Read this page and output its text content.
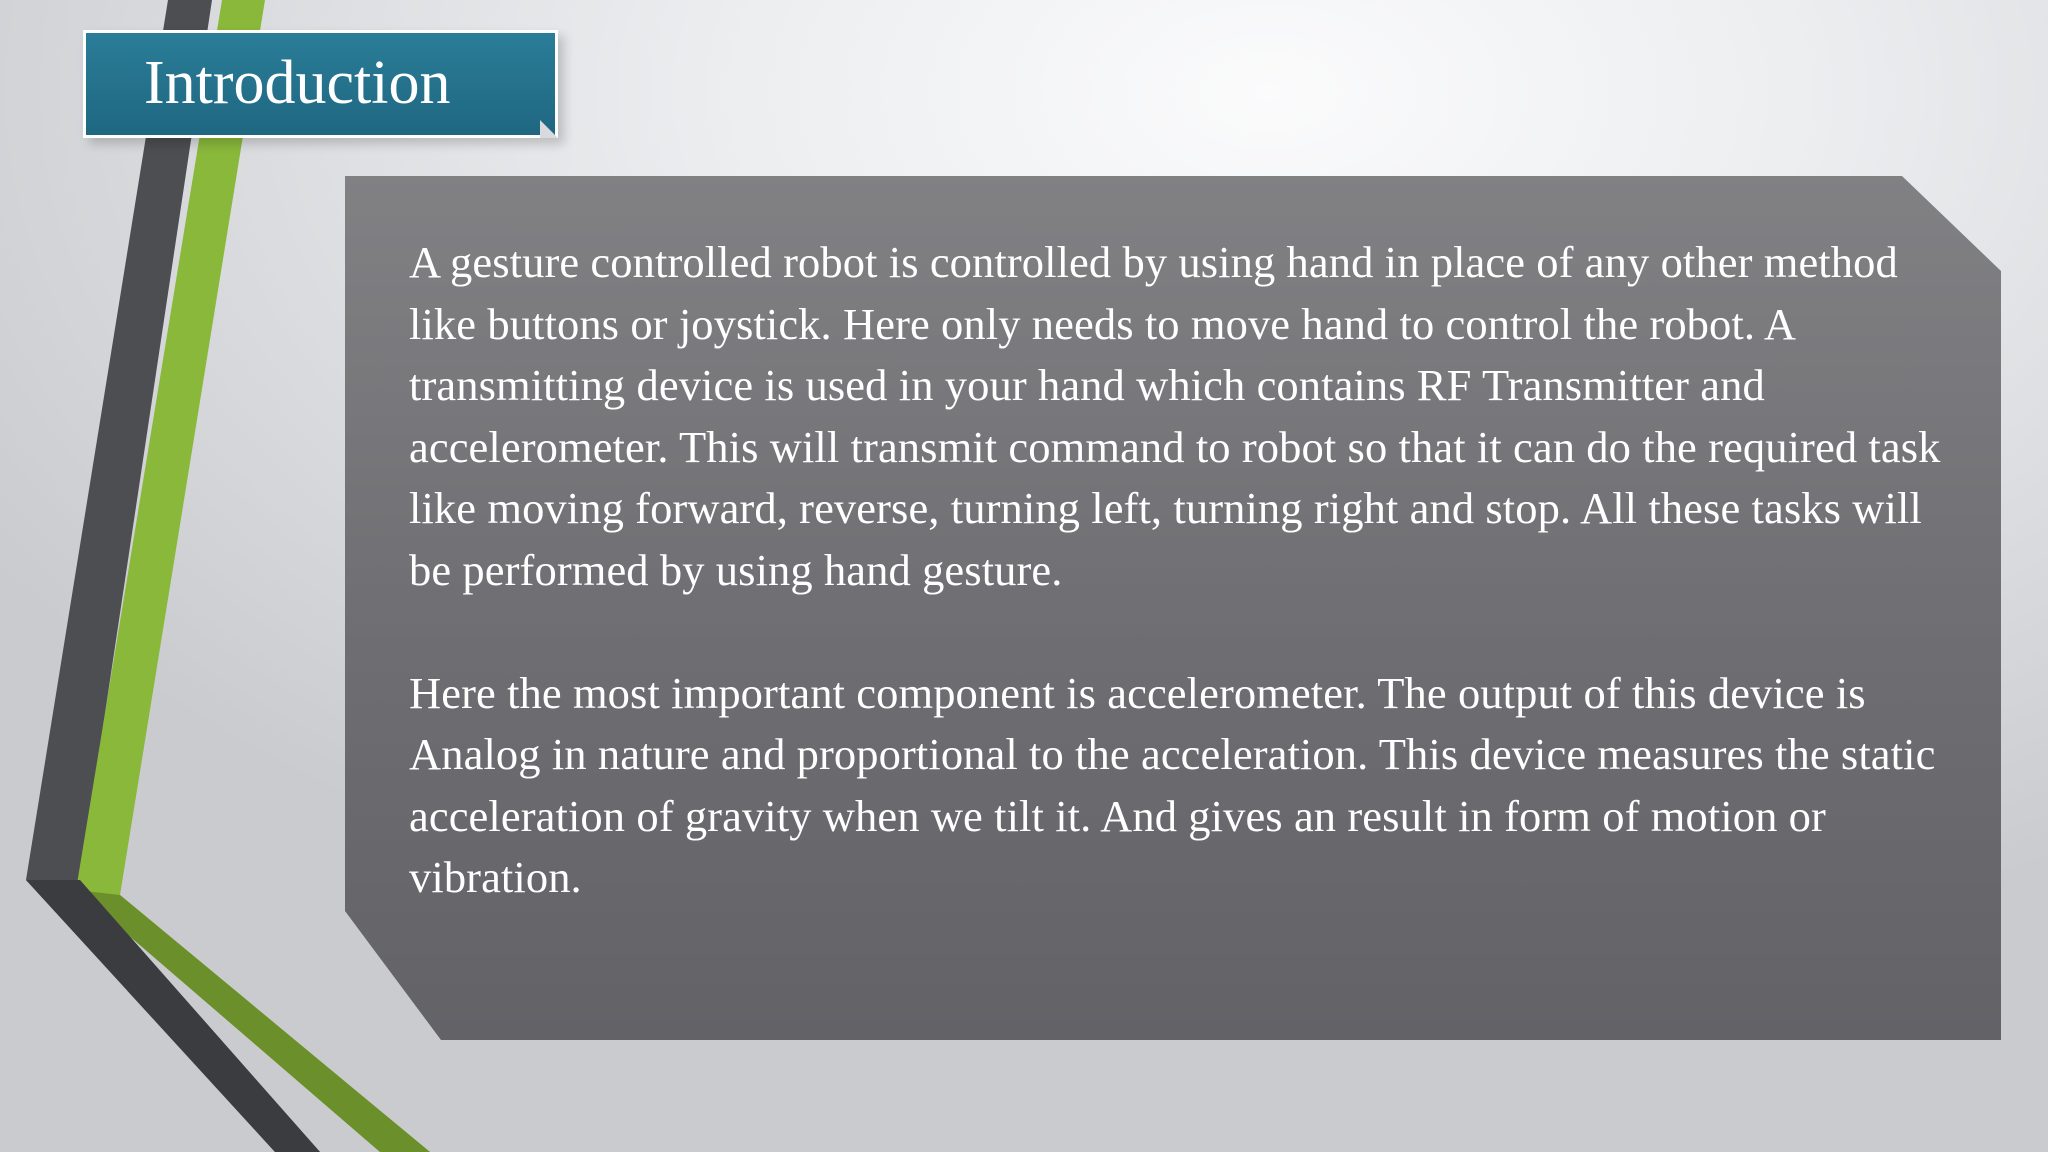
Introduction

A gesture controlled robot is controlled by using hand in place of any other method like buttons or joystick. Here only needs to move hand to control the robot. A transmitting device is used in your hand which contains RF Transmitter and accelerometer. This will transmit command to robot so that it can do the required task like moving forward, reverse, turning left, turning right and stop. All these tasks will be performed by using hand gesture.

Here the most important component is accelerometer. The output of this device is Analog in nature and proportional to the acceleration. This device measures the static acceleration of gravity when we tilt it. And gives an result in form of motion or vibration.
